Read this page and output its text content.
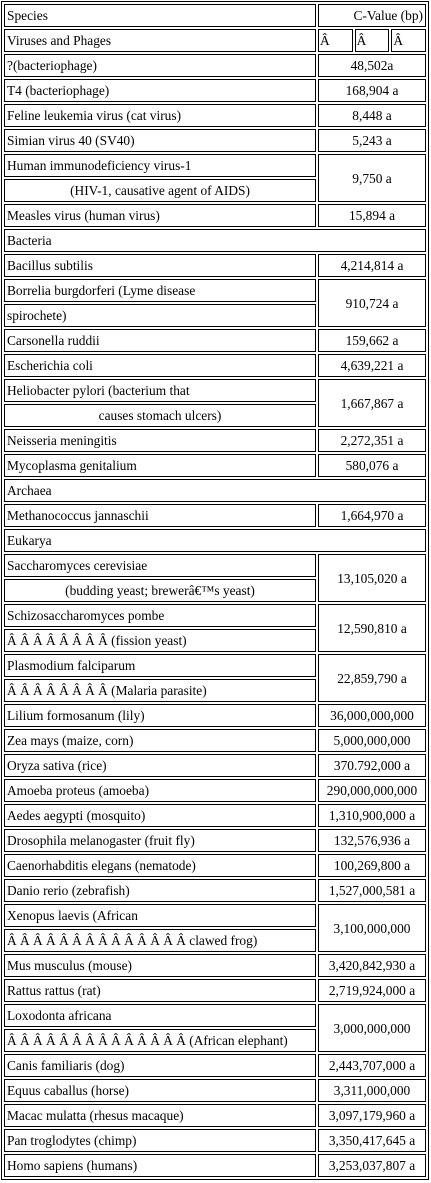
Species	C-Value (bp)		
Viruses and Phages	Â	Â	Â
?(bacteriophage)	48,502a		
T4 (bacteriophage)	168,904 a		
Feline leukemia virus (cat virus)	8,448 a		
Simian virus 40 (SV40)	5,243 a		
Human immunodeficiency virus-1	9,750 a		
(HIV-1, causative agent of AIDS)			
Measles virus (human virus)	15,894 a		
Bacteria			
Bacillus subtilis	4,214,814 a		
Borrelia burgdorferi (Lyme disease	910,724 a		
spirochete)			
Carsonella ruddii	159,662 a		
Escherichia coli	4,639,221 a		
Heliobacter pylori (bacterium that	1,667,867 a		
causes stomach ulcers)			
Neisseria meningitis	2,272,351 a		
Mycoplasma genitalium	580,076 a		
Archaea			
Methanococcus jannaschii	1,664,970 a		
Eukarya			
Saccharomyces cerevisiae	13,105,020 a		
(budding yeast; brewerâ€™s yeast)			
Schizosaccharomyces pombe	12,590,810 a		
Â Â Â Â Â Â Â Â (fission yeast)			
Plasmodium falciparum	22,859,790 a		
Â Â Â Â Â Â Â Â (Malaria parasite)			
Lilium formosanum (lily)	36,000,000,000		
Zea mays (maize, corn)	5,000,000,000		
Oryza sativa (rice)	370.792,000 a		
Amoeba proteus (amoeba)	290,000,000,000		
Aedes aegypti (mosquito)	1,310,900,000 a		
Drosophila melanogaster (fruit fly)	132,576,936 a		
Caenorhabditis elegans (nematode)	100,269,800 a		
Danio rerio (zebrafish)	1,527,000,581 a		
Xenopus laevis (African	3,100,000,000		
Â Â Â Â Â Â Â Â Â Â Â Â Â Â clawed frog)			
Mus musculus (mouse)	3,420,842,930 a		
Rattus rattus (rat)	2,719,924,000 a		
Loxodonta africana	3,000,000,000		
Â Â Â Â Â Â Â Â Â Â Â Â Â Â (African elephant)			
Canis familiaris (dog)	2,443,707,000 a		
Equus caballus (horse)	3,311,000,000		
Macac mulatta (rhesus macaque)	3,097,179,960 a		
Pan troglodytes (chimp)	3,350,417,645 a		
Homo sapiens (humans)	3,253,037,807 a		
